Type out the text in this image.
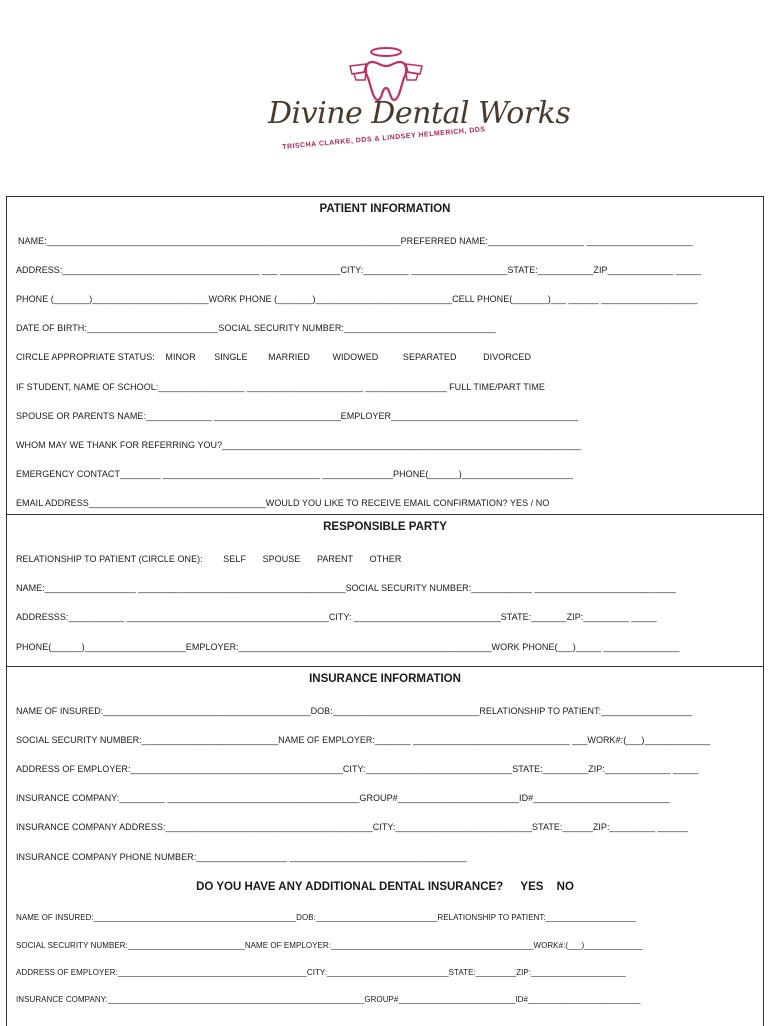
Divine Dental Works
TRISCHA CLARKE, DDS & LINDSEY HELMERICH, DDS
PATIENT INFORMATION
NAME:______________________________________________________________________PREFERRED NAME:___________________ _____________________
ADDRESS:_______________________________________ ___ ____________CITY:_________ ___________________STATE:___________ZIP_____________ _____
PHONE (_______)_______________________WORK PHONE (_______)___________________________CELL PHONE(_______)___ ______ ___________________
DATE OF BIRTH:__________________________SOCIAL SECURITY NUMBER:______________________________
CIRCLE APPROPRIATE STATUS: MINOR SINGLE MARRIED	WIDOWED	SEPARATED	DIVORCED
IF STUDENT, NAME OF SCHOOL:_________________ _______________________ ________________ FULL TIME/PART TIME
SPOUSE OR PARENTS NAME:_____________ _________________________EMPLOYER_____________________________________
WHOM MAY WE THANK FOR REFERRING YOU?_______________________________________________________________________
EMERGENCY CONTACT________ _______________________________ ______________PHONE(______)______________________
EMAIL ADDRESS___________________________________WOULD YOU LIKE TO RECEIVE EMAIL CONFIRMATION? YES / NO
RESPONSIBLE PARTY
RELATIONSHIP TO PATIENT (CIRCLE ONE): SELF SPOUSE PARENT OTHER
NAME:__________________ _________________________________________SOCIAL SECURITY NUMBER:____________ ____________________________
ADDRESSS:___________ ________________________________________CITY: _____________________________STATE:_______ZIP:_________ _____
PHONE(______)____________________EMPLOYER:__________________________________________________WORK PHONE(___)_____ _______________
INSURANCE INFORMATION
NAME OF INSURED:_________________________________________DOB:_____________________________RELATIONSHIP TO PATIENT:__________________
SOCIAL SECURITY NUMBER:___________________________NAME OF EMPLOYER:_______ _______________________________ ___WORK#:(___)_____________
ADDRESS OF EMPLOYER:__________________________________________CITY:_____________________________STATE:_________ZIP:_____________ _____
INSURANCE COMPANY:_________ ______________________________________GROUP#________________________ID#___________________________
INSURANCE COMPANY ADDRESS:_________________________________________CITY:___________________________STATE:______ZIP:_________ ______
INSURANCE COMPANY PHONE NUMBER:__________________ ___________________________________
DO YOU HAVE ANY ADDITIONAL DENTAL INSURANCE? YES NO
NAME OF INSURED:_____________________________________________DOB:___________________________RELATIONSHIP TO PATIENT:____________________
SOCIAL SECURITY NUMBER:__________________________NAME OF EMPLOYER:_____________________________________________WORK#:(___)_____________
ADDRESS OF EMPLOYER:__________________________________________CITY:___________________________STATE:_________ZIP:_____________________
INSURANCE COMPANY:_________________________________________________________GROUP#__________________________ID#_________________________
